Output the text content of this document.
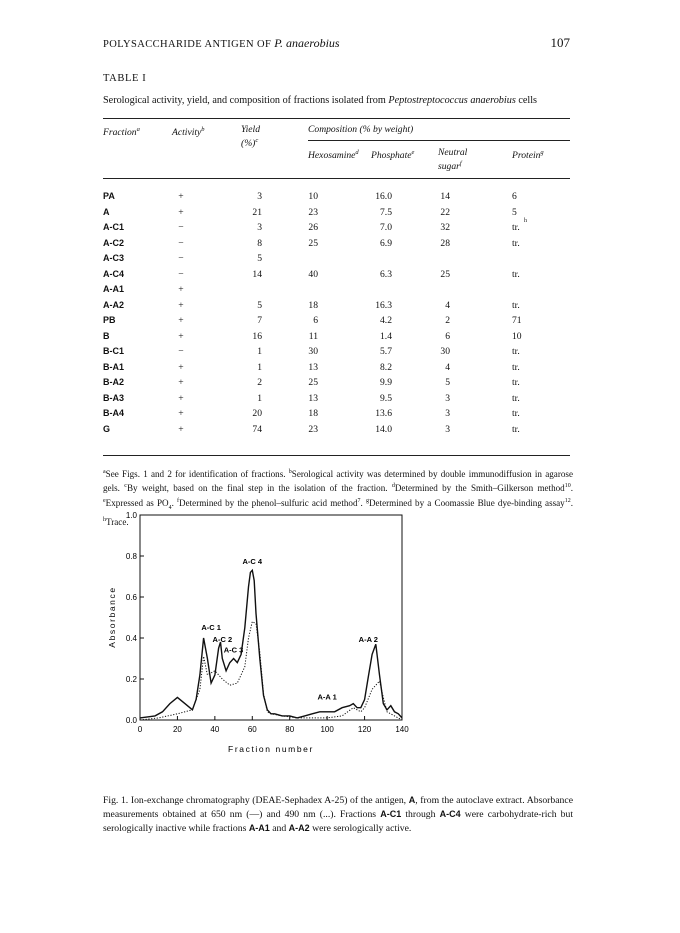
POLYSACCHARIDE ANTIGEN OF P. anaerobius	107
TABLE I
Serological activity, yield, and composition of fractions isolated from Peptostreptococcus anaerobius cells
Fraction$^a$	Activity$^b$	Yield
(%)$^c$
Composition (% by weight)
Hexosamine$^d$ Phosphate$^e$ Neutral
sugar$^f$
Protein$^g$
PA	+	3	10	16.0	14	6
A	+	21	23	7.5	22	5
A-C1	−	3	26	7.0	32	tr.
h
A-C2	−	8	25	6.9	28	tr.
A-C3	−	5
A-C4	−	14	40	6.3	25	tr.
A-A1	+
A-A2	+	5	18	16.3	4	tr.
PB	+	7	6	4.2	2	71
B	+	16	11	1.4	6	10
B-C1	−	1	30	5.7	30	tr.
B-A1	+	1	13	8.2	4	tr.
B-A2	+	2	25	9.9	5	tr.
B-A3	+	1	13	9.5	3	tr.
B-A4	+	20	18	13.6	3	tr.
G	+	74	23	14.0	3	tr.
$^a$See Figs. 1 and 2 for identification of fractions. $^b$Serological activity was determined by double immunodiffusion in agarose gels. $^c$By weight, based on the final step in the isolation of the fraction. $^d$Determined by the Smith–Gilkerson method$^{10}$. $^e$Expressed as $PO_4$. $^f$Determined by the phenol–sulfuric acid method$^7$. $^g$Determined by a Coomassie Blue dye-binding assay$^{12}$. $^h$Trace.
0	20	40	60	80	100	120	140
0.0
0.2
0.4
0.6
0.8
1.0
A-C 1
A-C 2
A-C 3
A-C 4
A-A 1
A-A 2
Absorbance
Fraction number
Fig. 1. Ion-exchange chromatography (DEAE-Sephadex A-25) of the antigen, A, from the autoclave extract. Absorbance measurements obtained at 650 nm (—) and 490 nm (...). Fractions A-C1 through A-C4 were carbohydrate-rich but serologically inactive while fractions A-A1 and A-A2 were serologically active.
